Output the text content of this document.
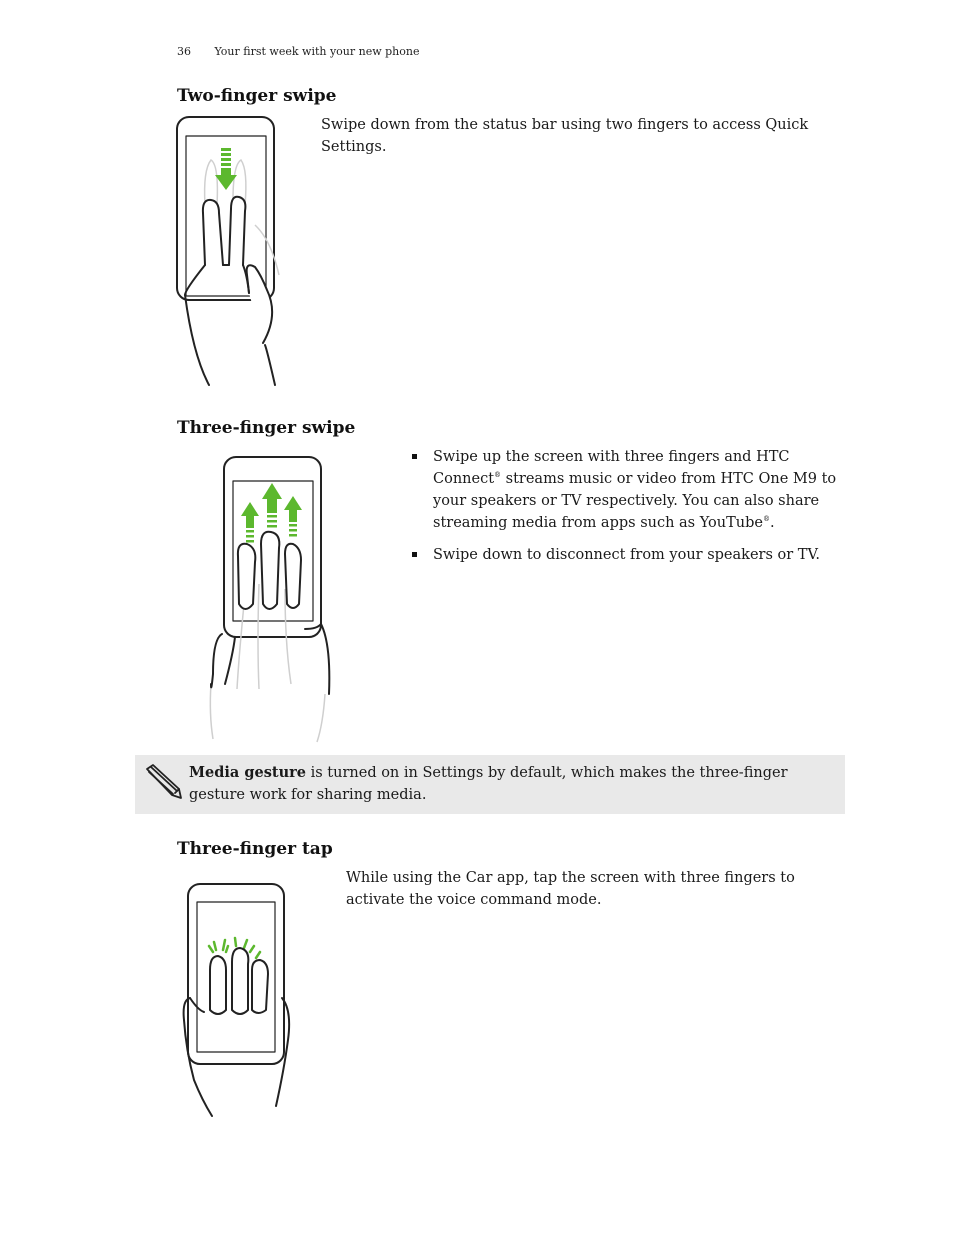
36 Your first week with your new phone
Two-finger swipe
Swipe down from the status bar using two fingers to access Quick Settings.
Three-finger swipe
Swipe up the screen with three fingers and HTC Connect® streams music or video from HTC One M9 to your speakers or TV respectively. You can also share streaming media from apps such as YouTube®.
Swipe down to disconnect from your speakers or TV.
Media gesture is turned on in Settings by default, which makes the three-finger gesture work for sharing media.
Three-finger tap
While using the Car app, tap the screen with three fingers to activate the voice command mode.
